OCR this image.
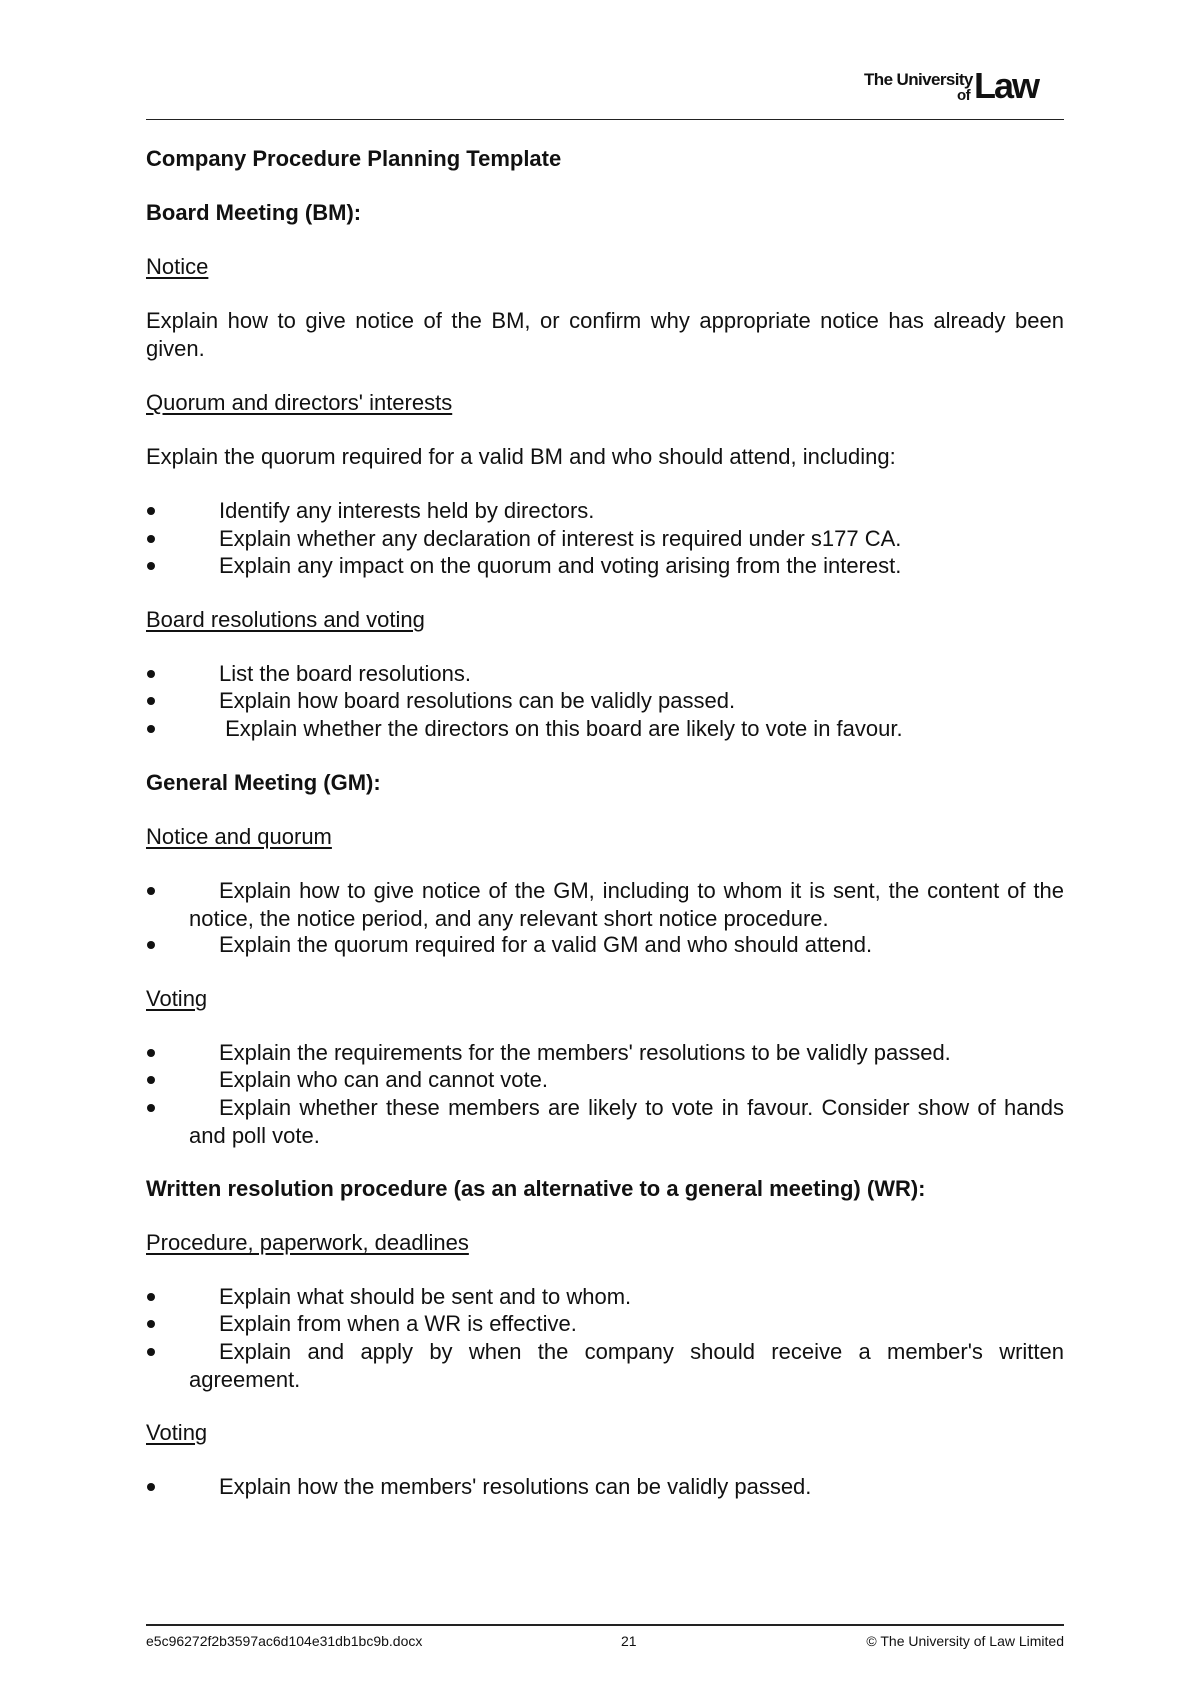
The University
of Law
Company Procedure Planning Template
Board Meeting (BM):
Notice
Explain how to give notice of the BM, or confirm why appropriate notice has already been given.
Quorum and directors' interests
Explain the quorum required for a valid BM and who should attend, including:
Identify any interests held by directors.
Explain whether any declaration of interest is required under s177 CA.
Explain any impact on the quorum and voting arising from the interest.
Board resolutions and voting
List the board resolutions.
Explain how board resolutions can be validly passed.
Explain whether the directors on this board are likely to vote in favour.
General Meeting (GM):
Notice and quorum
Explain how to give notice of the GM, including to whom it is sent, the content of the notice, the notice period, and any relevant short notice procedure.
Explain the quorum required for a valid GM and who should attend.
Voting
Explain the requirements for the members' resolutions to be validly passed.
Explain who can and cannot vote.
Explain whether these members are likely to vote in favour. Consider show of hands and poll vote.
Written resolution procedure (as an alternative to a general meeting) (WR):
Procedure, paperwork, deadlines
Explain what should be sent and to whom.
Explain from when a WR is effective.
Explain and apply by when the company should receive a member's written agreement.
Voting
Explain how the members' resolutions can be validly passed.
e5c96272f2b3597ac6d104e31db1bc9b.docx	21	© The University of Law Limited
